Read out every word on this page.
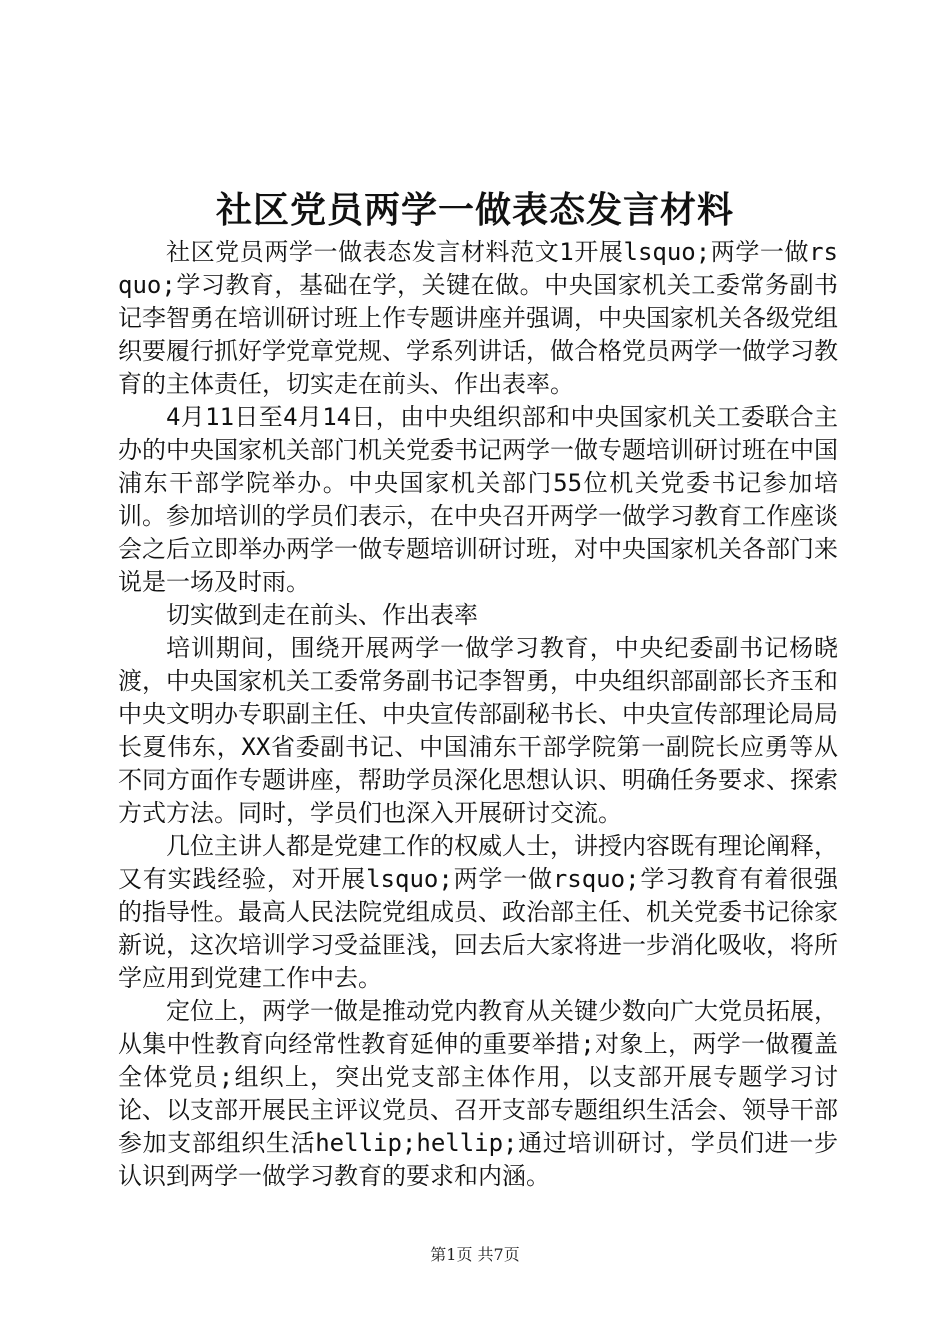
社区党员两学一做表态发言材料

社区党员两学一做表态发言材料范文1开展lsquo;两学一做rsquo;学习教育，基础在学，关键在做。中央国家机关工委常务副书记李智勇在培训研讨班上作专题讲座并强调，中央国家机关各级党组织要履行抓好学党章党规、学系列讲话，做合格党员两学一做学习教育的主体责任，切实走在前头、作出表率。

4月11日至4月14日，由中央组织部和中央国家机关工委联合主办的中央国家机关部门机关党委书记两学一做专题培训研讨班在中国浦东干部学院举办。中央国家机关部门55位机关党委书记参加培训。参加培训的学员们表示，在中央召开两学一做学习教育工作座谈会之后立即举办两学一做专题培训研讨班，对中央国家机关各部门来说是一场及时雨。

切实做到走在前头、作出表率

培训期间，围绕开展两学一做学习教育，中央纪委副书记杨晓渡，中央国家机关工委常务副书记李智勇，中央组织部副部长齐玉和中央文明办专职副主任、中央宣传部副秘书长、中央宣传部理论局局长夏伟东，XX省委副书记、中国浦东干部学院第一副院长应勇等从不同方面作专题讲座，帮助学员深化思想认识、明确任务要求、探索方式方法。同时，学员们也深入开展研讨交流。

几位主讲人都是党建工作的权威人士，讲授内容既有理论阐释，又有实践经验，对开展lsquo;两学一做rsquo;学习教育有着很强的指导性。最高人民法院党组成员、政治部主任、机关党委书记徐家新说，这次培训学习受益匪浅，回去后大家将进一步消化吸收，将所学应用到党建工作中去。

定位上，两学一做是推动党内教育从关键少数向广大党员拓展，从集中性教育向经常性教育延伸的重要举措;对象上，两学一做覆盖全体党员;组织上，突出党支部主体作用，以支部开展专题学习讨论、以支部开展民主评议党员、召开支部专题组织生活会、领导干部参加支部组织生活hellip;hellip;通过培训研讨，学员们进一步认识到两学一做学习教育的要求和内涵。

第1页 共7页
